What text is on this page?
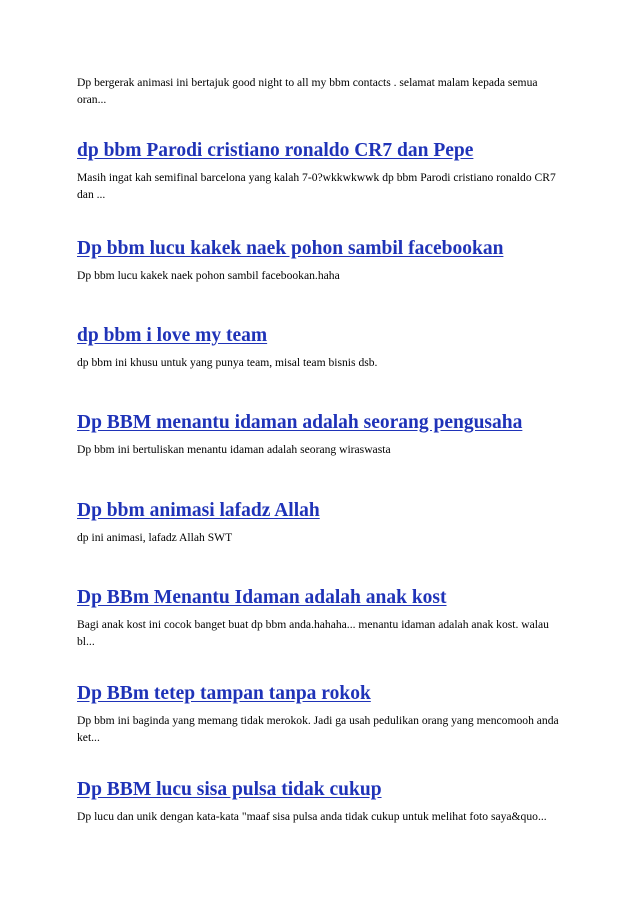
Dp bergerak animasi ini bertajuk good night to all my bbm contacts . selamat malam kepada semua oran...

dp bbm Parodi cristiano ronaldo CR7 dan Pepe

Masih ingat kah semifinal barcelona yang kalah 7-0?wkkwkwwk dp bbm Parodi cristiano ronaldo CR7 dan ...

Dp bbm lucu kakek naek pohon sambil facebookan

Dp bbm lucu kakek naek pohon sambil facebookan.haha

dp bbm i love my team

dp bbm ini khusu untuk yang punya team, misal team bisnis dsb.

Dp BBM menantu idaman adalah seorang pengusaha

Dp bbm ini bertuliskan menantu idaman adalah seorang wiraswasta

Dp bbm animasi lafadz Allah

dp ini animasi, lafadz Allah SWT

Dp BBm Menantu Idaman adalah anak kost

Bagi anak kost ini cocok banget buat dp bbm anda.hahaha... menantu idaman adalah anak kost. walau bl...

Dp BBm tetep tampan tanpa rokok

Dp bbm ini baginda yang memang tidak merokok. Jadi ga usah pedulikan orang yang mencomooh anda ket...

Dp BBM lucu sisa pulsa tidak cukup

Dp lucu dan unik dengan kata-kata "maaf sisa pulsa anda tidak cukup untuk melihat foto saya&quo...
